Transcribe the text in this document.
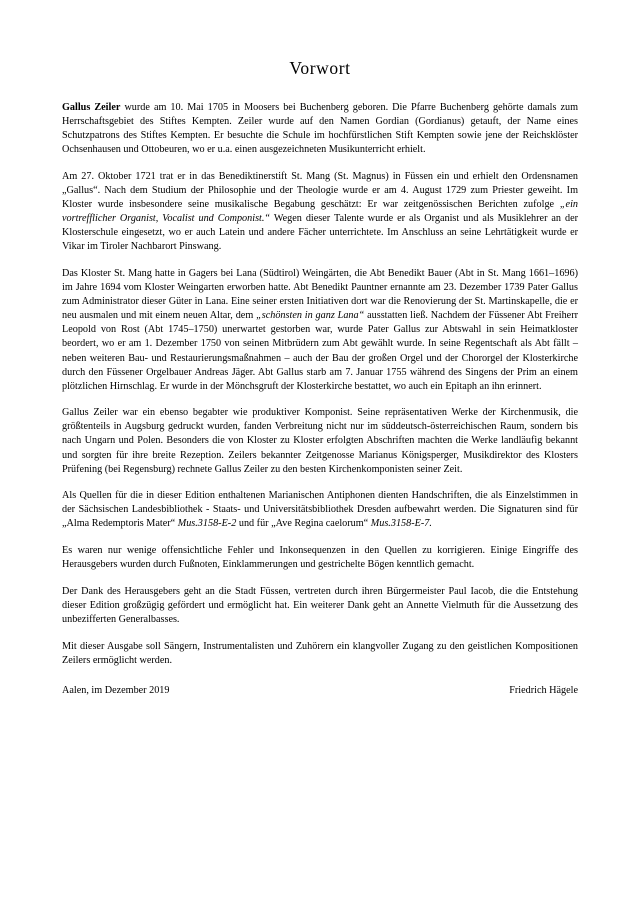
Vorwort

Gallus Zeiler wurde am 10. Mai 1705 in Moosers bei Buchenberg geboren. Die Pfarre Buchenberg gehörte damals zum Herrschaftsgebiet des Stiftes Kempten. Zeiler wurde auf den Namen Gordian (Gordianus) getauft, der Name eines Schutzpatrons des Stiftes Kempten. Er besuchte die Schule im hochfürstlichen Stift Kempten sowie jene der Reichsklöster Ochsenhausen und Ottobeuren, wo er u.a. einen ausgezeichneten Musikunterricht erhielt.

Am 27. Oktober 1721 trat er in das Benediktinerstift St. Mang (St. Magnus) in Füssen ein und erhielt den Ordensnamen „Gallus“. Nach dem Studium der Philosophie und der Theologie wurde er am 4. August 1729 zum Priester geweiht. Im Kloster wurde insbesondere seine musikalische Begabung geschätzt: Er war zeitgenössischen Berichten zufolge „ein vortrefflicher Organist, Vocalist und Componist.“ Wegen dieser Talente wurde er als Organist und als Musiklehrer an der Klosterschule eingesetzt, wo er auch Latein und andere Fächer unterrichtete. Im Anschluss an seine Lehrtätigkeit wurde er Vikar im Tiroler Nachbarort Pinswang.

Das Kloster St. Mang hatte in Gagers bei Lana (Südtirol) Weingärten, die Abt Benedikt Bauer (Abt in St. Mang 1661–1696) im Jahre 1694 vom Kloster Weingarten erworben hatte. Abt Benedikt Pauntner ernannte am 23. Dezember 1739 Pater Gallus zum Administrator dieser Güter in Lana. Eine seiner ersten Initiativen dort war die Renovierung der St. Martinskapelle, die er neu ausmalen und mit einem neuen Altar, dem „schönsten in ganz Lana“ ausstatten ließ. Nachdem der Füssener Abt Freiherr Leopold von Rost (Abt 1745–1750) unerwartet gestorben war, wurde Pater Gallus zur Abtswahl in sein Heimatkloster beordert, wo er am 1. Dezember 1750 von seinen Mitbrüdern zum Abt gewählt wurde. In seine Regentschaft als Abt fällt – neben weiteren Bau- und Restaurierungsmaßnahmen – auch der Bau der großen Orgel und der Chororgel der Klosterkirche durch den Füssener Orgelbauer Andreas Jäger. Abt Gallus starb am 7. Januar 1755 während des Singens der Prim an einem plötzlichen Hirnschlag. Er wurde in der Mönchsgruft der Klosterkirche bestattet, wo auch ein Epitaph an ihn erinnert.

Gallus Zeiler war ein ebenso begabter wie produktiver Komponist. Seine repräsentativen Werke der Kirchenmusik, die größtenteils in Augsburg gedruckt wurden, fanden Verbreitung nicht nur im süddeutsch-österreichischen Raum, sondern bis nach Ungarn und Polen. Besonders die von Kloster zu Kloster erfolgten Abschriften machten die Werke landläufig bekannt und sorgten für ihre breite Rezeption. Zeilers bekannter Zeitgenosse Marianus Königsperger, Musikdirektor des Klosters Prüfening (bei Regensburg) rechnete Gallus Zeiler zu den besten Kirchenkomponisten seiner Zeit.

Als Quellen für die in dieser Edition enthaltenen Marianischen Antiphonen dienten Handschriften, die als Einzelstimmen in der Sächsischen Landesbibliothek - Staats- und Universitätsbibliothek Dresden aufbewahrt werden. Die Signaturen sind für „Alma Redemptoris Mater“ Mus.3158-E-2 und für „Ave Regina caelorum“ Mus.3158-E-7.

Es waren nur wenige offensichtliche Fehler und Inkonsequenzen in den Quellen zu korrigieren. Einige Eingriffe des Herausgebers wurden durch Fußnoten, Einklammerungen und gestrichelte Bögen kenntlich gemacht.

Der Dank des Herausgebers geht an die Stadt Füssen, vertreten durch ihren Bürgermeister Paul Iacob, die die Entstehung dieser Edition großzügig gefördert und ermöglicht hat. Ein weiterer Dank geht an Annette Vielmuth für die Aussetzung des unbezifferten Generalbasses.

Mit dieser Ausgabe soll Sängern, Instrumentalisten und Zuhörern ein klangvoller Zugang zu den geistlichen Kompositionen Zeilers ermöglicht werden.

Aalen, im Dezember 2019	Friedrich Hägele
